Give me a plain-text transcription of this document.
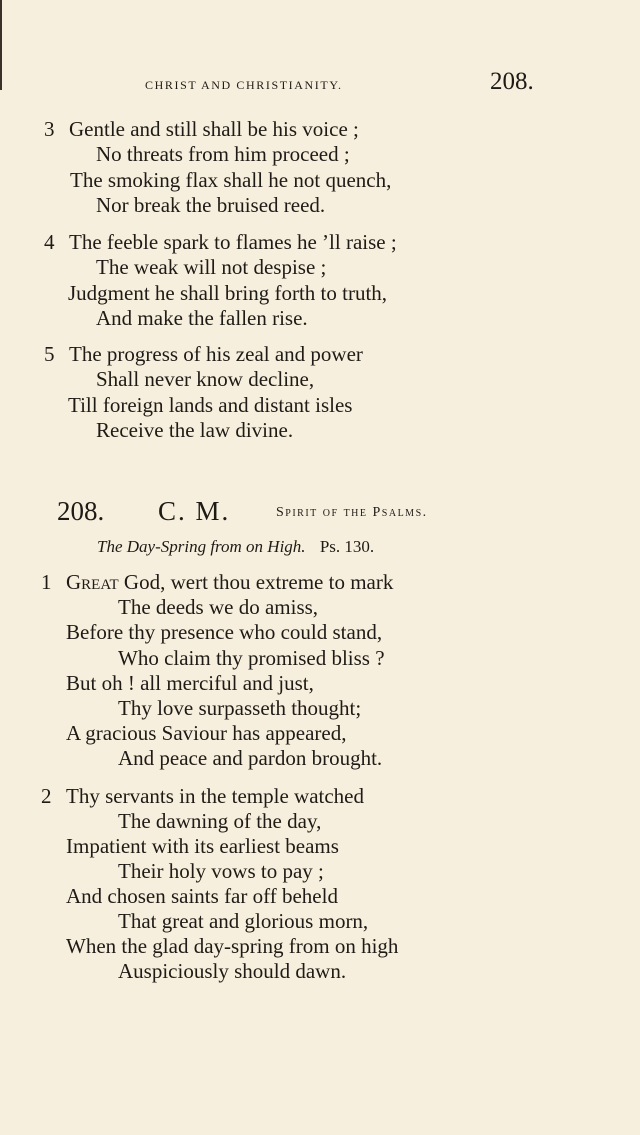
CHRIST AND CHRISTIANITY.	208.
3 Gentle and still shall be his voice ;
No threats from him proceed ;
The smoking flax shall he not quench,
Nor break the bruised reed.
4 The feeble spark to flames he ’ll raise ;
The weak will not despise ;
Judgment he shall bring forth to truth,
And make the fallen rise.
5 The progress of his zeal and power
Shall never know decline,
Till foreign lands and distant isles
Receive the law divine.
208. C. M.	Spirit of the Psalms.
The Day-Spring from on High. Ps. 130.
1 Great God, wert thou extreme to mark
The deeds we do amiss,
Before thy presence who could stand,
Who claim thy promised bliss ?
But oh ! all merciful and just,
Thy love surpasseth thought;
A gracious Saviour has appeared,
And peace and pardon brought.
2 Thy servants in the temple watched
The dawning of the day,
Impatient with its earliest beams
Their holy vows to pay ;
And chosen saints far off beheld
That great and glorious morn,
When the glad day-spring from on high
Auspiciously should dawn.
